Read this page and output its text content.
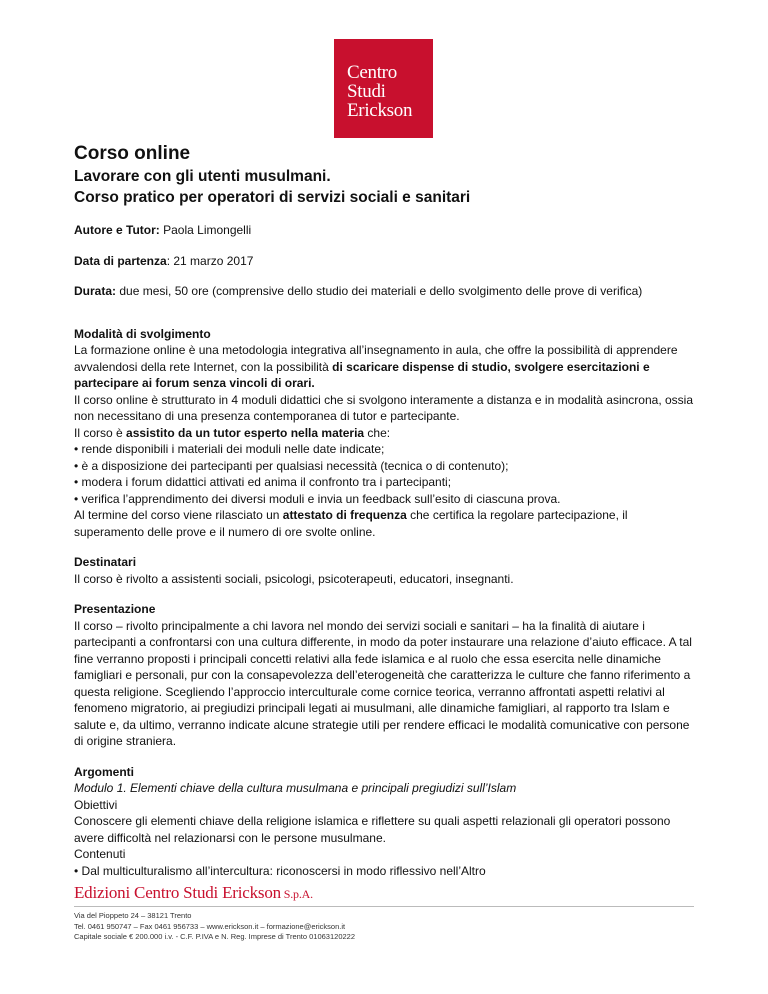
Centro
Studi
Erickson
Corso online
Lavorare con gli utenti musulmani.
Corso pratico per operatori di servizi sociali e sanitari

Autore e Tutor: Paola Limongelli

Data di partenza: 21 marzo 2017

Durata: due mesi, 50 ore (comprensive dello studio dei materiali e dello svolgimento delle prove di verifica)

Modalità di svolgimento

La formazione online è una metodologia integrativa all’insegnamento in aula, che offre la possibilità di apprendere avvalendosi della rete Internet, con la possibilità di scaricare dispense di studio, svolgere esercitazioni e partecipare ai forum senza vincoli di orari.

Il corso online è strutturato in 4 moduli didattici che si svolgono interamente a distanza e in modalità asincrona, ossia non necessitano di una presenza contemporanea di tutor e partecipante.

Il corso è assistito da un tutor esperto nella materia che:

• rende disponibili i materiali dei moduli nelle date indicate;

• è a disposizione dei partecipanti per qualsiasi necessità (tecnica o di contenuto);

• modera i forum didattici attivati ed anima il confronto tra i partecipanti;

• verifica l’apprendimento dei diversi moduli e invia un feedback sull’esito di ciascuna prova.

Al termine del corso viene rilasciato un attestato di frequenza che certifica la regolare partecipazione, il superamento delle prove e il numero di ore svolte online.

Destinatari

Il corso è rivolto a assistenti sociali, psicologi, psicoterapeuti, educatori, insegnanti.

Presentazione

Il corso – rivolto principalmente a chi lavora nel mondo dei servizi sociali e sanitari – ha la finalità di aiutare i partecipanti a confrontarsi con una cultura differente, in modo da poter instaurare una relazione d’aiuto efficace. A tal fine verranno proposti i principali concetti relativi alla fede islamica e al ruolo che essa esercita nelle dinamiche famigliari e personali, pur con la consapevolezza dell’eterogeneità che caratterizza le culture che fanno riferimento a questa religione. Scegliendo l’approccio interculturale come cornice teorica, verranno affrontati aspetti relativi al fenomeno migratorio, ai pregiudizi principali legati ai musulmani, alle dinamiche famigliari, al rapporto tra Islam e salute e, da ultimo, verranno indicate alcune strategie utili per rendere efficaci le modalità comunicative con persone di origine straniera.

Argomenti

Modulo 1. Elementi chiave della cultura musulmana e principali pregiudizi sull’Islam

Obiettivi

Conoscere gli elementi chiave della religione islamica e riflettere su quali aspetti relazionali gli operatori possono avere difficoltà nel relazionarsi con le persone musulmane.

Contenuti

• Dal multiculturalismo all’intercultura: riconoscersi in modo riflessivo nell’Altro

Edizioni Centro Studi Erickson S.p.A.
Via del Pioppeto 24 – 38121 Trento
Tel. 0461 950747 – Fax 0461 956733 – www.erickson.it – formazione@erickson.it
Capitale sociale € 200.000 i.v. - C.F. P.IVA e N. Reg. Imprese di Trento 01063120222
